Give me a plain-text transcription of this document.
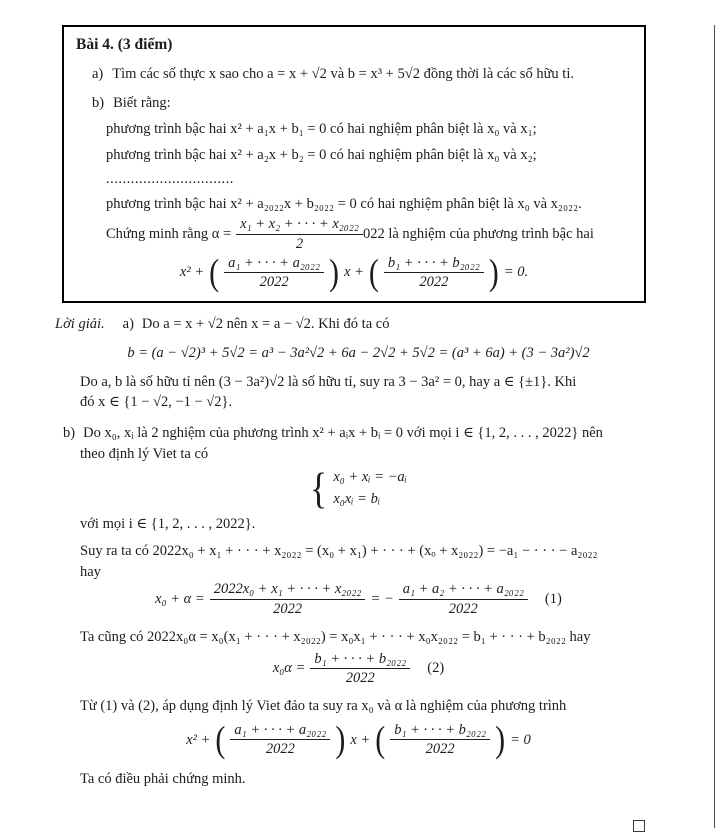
Bài 4. (3 điểm)
a) Tìm các số thực x sao cho a = x + √2 và b = x³ + 5√2 đồng thời là các số hữu tỉ.
b) Biết rằng:
phương trình bậc hai x² + a₁x + b₁ = 0 có hai nghiệm phân biệt là x₀ và x₁;
phương trình bậc hai x² + a₂x + b₂ = 0 có hai nghiệm phân biệt là x₀ và x₂;
...............................
phương trình bậc hai x² + a₂₀₂₂x + b₂₀₂₂ = 0 có hai nghiệm phân biệt là x₀ và x₂₀₂₂.
Chứng minh rằng $\alpha = \frac{\text{x₁ + x₂ + · · · + x₂₀₂₂}}{2} 022$ là nghiệm của phương trình bậc hai
x² + ( $\frac{\text{a₁ + · · · + a₂₀₂₂}}{2022}$ ) x + ( $\frac{\text{b₁ + · · · + b₂₀₂₂}}{2022}$ ) = 0.
Lời giải. a) Do a = x + √2 nên x = a − √2. Khi đó ta có
b = (a − √2)³ + 5√2 = a³ − 3a²√2 + 6a − 2√2 + 5√2 = (a³ + 6a) + (3 − 3a²)√2
Do a, b là số hữu tỉ nên (3 − 3a²)√2 là số hữu tỉ, suy ra 3 − 3a² = 0, hay a ∈ {±1}. Khi
đó x ∈ {1 − √2, −1 − √2}.
b) Do x₀, xᵢ là 2 nghiệm của phương trình x² + aᵢx + bᵢ = 0 với mọi i ∈ {1, 2, . . . , 2022} nên
theo định lý Viet ta có
{ x₀ + xᵢ = −aᵢ
x₀xᵢ = bᵢ
với mọi i ∈ {1, 2, . . . , 2022}.
Suy ra ta có 2022x₀ + x₁ + · · · + x₂₀₂₂ = (x₀ + x₁) + · · · + (xₒ + x₂₀₂₂) = −a₁ − · · · − a₂₀₂₂
hay
$x_0 + \alpha = \frac{\text{2022x₀ + x₁ + · · · + x₂₀₂₂}}{2022}$ = − $\frac{\text{a₁ + a₂ + · · · + a₂₀₂₂}}{2022} (1)$
Ta cũng có 2022x₀α = x₀(x₁ + · · · + x₂₀₂₂) = x₀x₁ + · · · + x₀x₂₀₂₂ = b₁ + · · · + b₂₀₂₂ hay
$x_0\alpha = \frac{\text{b₁ + · · · + b₂₀₂₂}}{2022} (2)$
Từ (1) và (2), áp dụng định lý Viet đảo ta suy ra x₀ và α là nghiệm của phương trình
x² + ( $\frac{\text{a₁ + · · · + a₂₀₂₂}}{2022}$ ) x + ( $\frac{\text{b₁ + · · · + b₂₀₂₂}}{2022}$ ) = 0
Ta có điều phải chứng minh.
